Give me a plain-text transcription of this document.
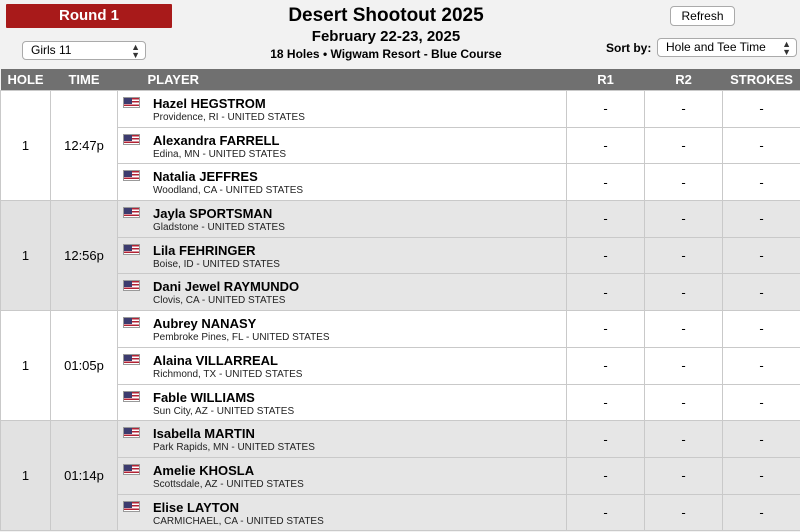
Round 1
Girls 11	▲
▼
Desert Shootout 2025
February 22-23, 2025
18 Holes • Wigwam Resort - Blue Course
Refresh
Sort by:	Hole and Tee Time ▲
▼
HOLE	TIME	PLAYER	R1	R2	STROKES
1	12:47p	Hazel HEGSTROM
Providence, RI - UNITED STATES	-	-	-

		Alexandra FARRELL
Edina, MN - UNITED STATES	-	-	-

		Natalia JEFFRES
Woodland, CA - UNITED STATES	-	-	-
1	12:56p	Jayla SPORTSMAN
Gladstone - UNITED STATES	-	-	-

		Lila FEHRINGER
Boise, ID - UNITED STATES	-	-	-

		Dani Jewel RAYMUNDO
Clovis, CA - UNITED STATES	-	-	-
1	01:05p	Aubrey NANASY
Pembroke Pines, FL - UNITED STATES	-	-	-

		Alaina VILLARREAL
Richmond, TX - UNITED STATES	-	-	-

		Fable WILLIAMS
Sun City, AZ - UNITED STATES	-	-	-
1	01:14p	Isabella MARTIN
Park Rapids, MN - UNITED STATES	-	-	-

		Amelie KHOSLA
Scottsdale, AZ - UNITED STATES	-	-	-

		Elise LAYTON
CARMICHAEL, CA - UNITED STATES	-	-	-
